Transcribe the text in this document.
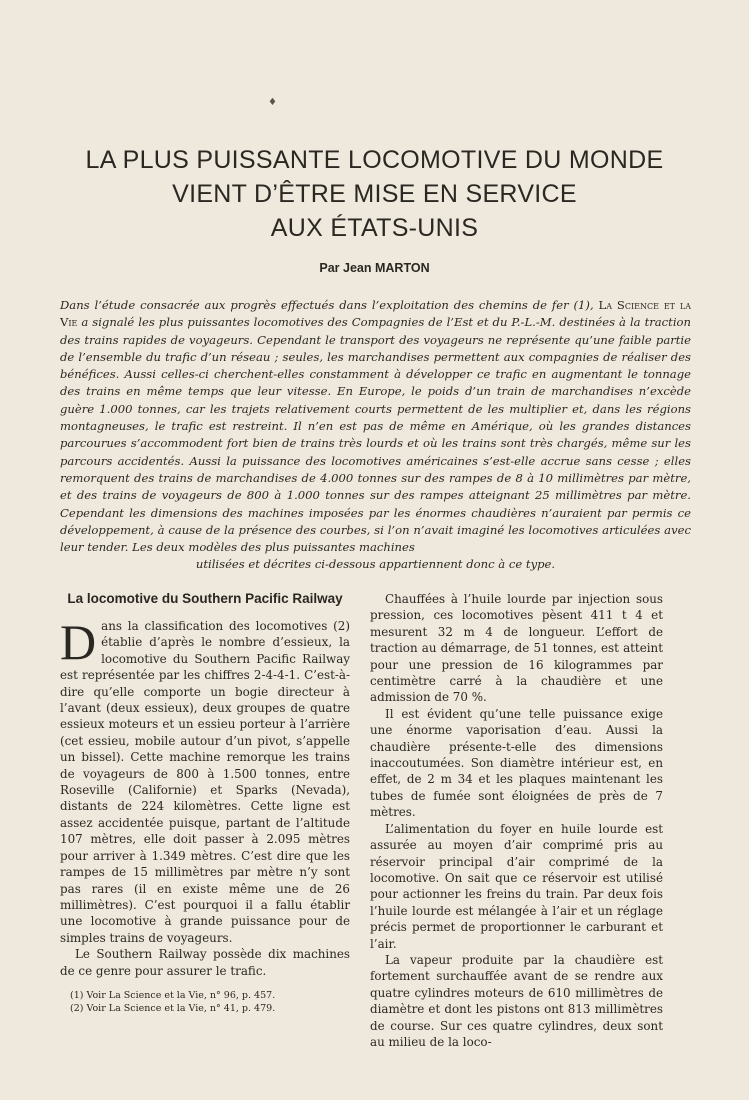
♦
LA PLUS PUISSANTE LOCOMOTIVE DU MONDE
VIENT D’ÊTRE MISE EN SERVICE
AUX ÉTATS-UNIS
Par Jean MARTON
Dans l’étude consacrée aux progrès effectués dans l’exploitation des chemins de fer (1), La Science et la Vie a signalé les plus puissantes locomotives des Compagnies de l’Est et du P.-L.-M. destinées à la traction des trains rapides de voyageurs. Cependant le transport des voyageurs ne représente qu’une faible partie de l’ensemble du trafic d’un réseau ; seules, les marchandises permettent aux compagnies de réaliser des bénéfices. Aussi celles-ci cherchent-elles constamment à développer ce trafic en augmentant le tonnage des trains en même temps que leur vitesse. En Europe, le poids d’un train de marchandises n’excède guère 1.000 tonnes, car les trajets relativement courts permettent de les multiplier et, dans les régions montagneuses, le trafic est restreint. Il n’en est pas de même en Amérique, où les grandes distances parcourues s’accommodent fort bien de trains très lourds et où les trains sont très chargés, même sur les parcours accidentés. Aussi la puissance des locomotives américaines s’est-elle accrue sans cesse ; elles remorquent des trains de marchandises de 4.000 tonnes sur des rampes de 8 à 10 millimètres par mètre, et des trains de voyageurs de 800 à 1.000 tonnes sur des rampes atteignant 25 millimètres par mètre. Cependant les dimensions des machines imposées par les énormes chaudières n’auraient par permis ce développement, à cause de la présence des courbes, si l’on n’avait imaginé les locomotives articulées avec leur tender. Les deux modèles des plus puissantes machines
utilisées et décrites ci-dessous appartiennent donc à ce type.
La locomotive du Southern Pacific Railway

Dans la classification des locomotives (2) établie d’après le nombre d’essieux, la locomotive du Southern Pacific Railway est représentée par les chiffres 2-4-4-1. C’est-à-dire qu’elle comporte un bogie directeur à l’avant (deux essieux), deux groupes de quatre essieux moteurs et un essieu porteur à l’arrière (cet essieu, mobile autour d’un pivot, s’appelle un bissel). Cette machine remorque les trains de voyageurs de 800 à 1.500 tonnes, entre Roseville (Californie) et Sparks (Nevada), distants de 224 kilomètres. Cette ligne est assez accidentée puisque, partant de l’altitude 107 mètres, elle doit passer à 2.095 mètres pour arriver à 1.349 mètres. C’est dire que les rampes de 15 millimètres par mètre n’y sont pas rares (il en existe même une de 26 millimètres). C’est pourquoi il a fallu établir une locomotive à grande puissance pour de simples trains de voyageurs.

Le Southern Railway possède dix machines de ce genre pour assurer le trafic.

(1) Voir La Science et la Vie, n° 96, p. 457.
(2) Voir La Science et la Vie, n° 41, p. 479.

Chauffées à l’huile lourde par injection sous pression, ces locomotives pèsent 411 t 4 et mesurent 32 m 4 de longueur. L’effort de traction au démarrage, de 51 tonnes, est atteint pour une pression de 16 kilogrammes par centimètre carré à la chaudière et une admission de 70 %.

Il est évident qu’une telle puissance exige une énorme vaporisation d’eau. Aussi la chaudière présente-t-elle des dimensions inaccoutumées. Son diamètre intérieur est, en effet, de 2 m 34 et les plaques maintenant les tubes de fumée sont éloignées de près de 7 mètres.

L’alimentation du foyer en huile lourde est assurée au moyen d’air comprimé pris au réservoir principal d’air comprimé de la locomotive. On sait que ce réservoir est utilisé pour actionner les freins du train. Par deux fois l’huile lourde est mélangée à l’air et un réglage précis permet de proportionner le carburant et l’air.

La vapeur produite par la chaudière est fortement surchauffée avant de se rendre aux quatre cylindres moteurs de 610 millimètres de diamètre et dont les pistons ont 813 millimètres de course. Sur ces quatre cylindres, deux sont au milieu de la loco-
